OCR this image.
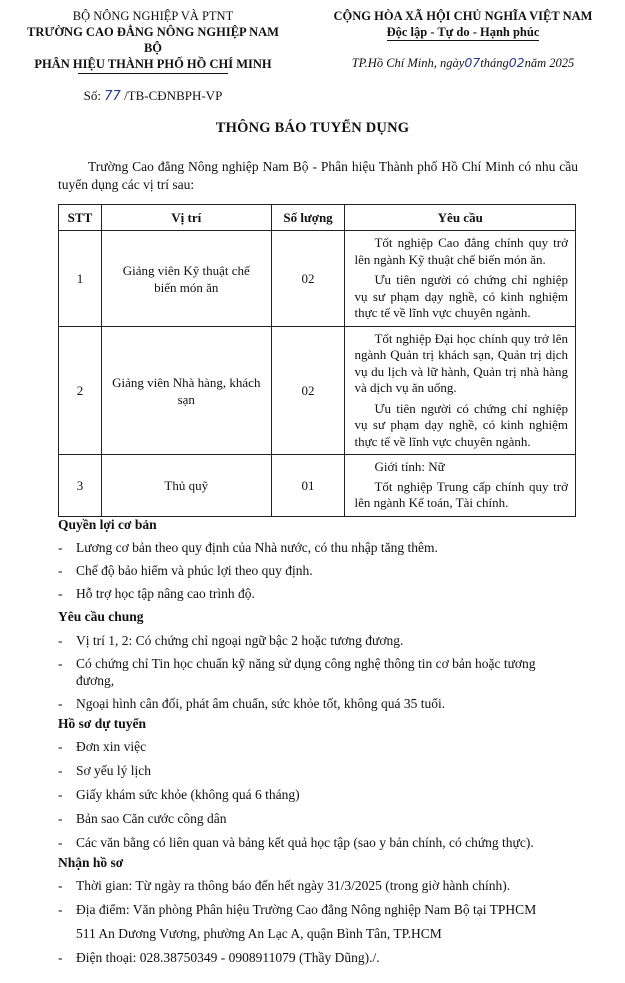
BỘ NÔNG NGHIỆP VÀ PTNT
TRƯỜNG CAO ĐẲNG NÔNG NGHIỆP NAM BỘ
PHÂN HIỆU THÀNH PHỐ HỒ CHÍ MINH
Số: 77 /TB-CĐNBPH-VP
CỘNG HÒA XÃ HỘI CHỦ NGHĨA VIỆT NAM
Độc lập - Tự do - Hạnh phúc
TP.Hồ Chí Minh, ngày07tháng02năm 2025
THÔNG BÁO TUYỂN DỤNG
Trường Cao đẳng Nông nghiệp Nam Bộ - Phân hiệu Thành phố Hồ Chí Minh có nhu cầu tuyển dụng các vị trí sau:
STT	Vị trí	Số lượng	Yêu cầu
1	Giảng viên Kỹ thuật chế biến món ăn	02	Tốt nghiệp Cao đẳng chính quy trở lên ngành Kỹ thuật chế biến món ăn.

Ưu tiên người có chứng chỉ nghiệp vụ sư phạm dạy nghề, có kinh nghiệm thực tế về lĩnh vực chuyên ngành.

2	Giảng viên Nhà hàng, khách sạn	02	Tốt nghiệp Đại học chính quy trở lên ngành Quản trị khách sạn, Quản trị dịch vụ du lịch và lữ hành, Quản trị nhà hàng và dịch vụ ăn uống.

Ưu tiên người có chứng chỉ nghiệp vụ sư phạm dạy nghề, có kinh nghiệm thực tế về lĩnh vực chuyên ngành.

3	Thủ quỹ	01	Giới tính: Nữ

Tốt nghiệp Trung cấp chính quy trở lên ngành Kế toán, Tài chính.

Quyền lợi cơ bản
- Lương cơ bản theo quy định của Nhà nước, có thu nhập tăng thêm.
- Chế độ bảo hiểm và phúc lợi theo quy định.
- Hỗ trợ học tập nâng cao trình độ.
Yêu cầu chung
- Vị trí 1, 2: Có chứng chỉ ngoại ngữ bậc 2 hoặc tương đương.
- Có chứng chỉ Tin học chuẩn kỹ năng sử dụng công nghệ thông tin cơ bản hoặc tương đương,
- Ngoại hình cân đối, phát âm chuẩn, sức khỏe tốt, không quá 35 tuổi.
Hồ sơ dự tuyển
- Đơn xin việc
- Sơ yếu lý lịch
- Giấy khám sức khỏe (không quá 6 tháng)
- Bản sao Căn cước công dân
- Các văn bằng có liên quan và bảng kết quả học tập (sao y bản chính, có chứng thực).
Nhận hồ sơ
- Thời gian: Từ ngày ra thông báo đến hết ngày 31/3/2025 (trong giờ hành chính).
- Địa điểm: Văn phòng Phân hiệu Trường Cao đẳng Nông nghiệp Nam Bộ tại TPHCM
511 An Dương Vương, phường An Lạc A, quận Bình Tân, TP.HCM
- Điện thoại: 028.38750349 - 0908911079 (Thầy Dũng)./.
